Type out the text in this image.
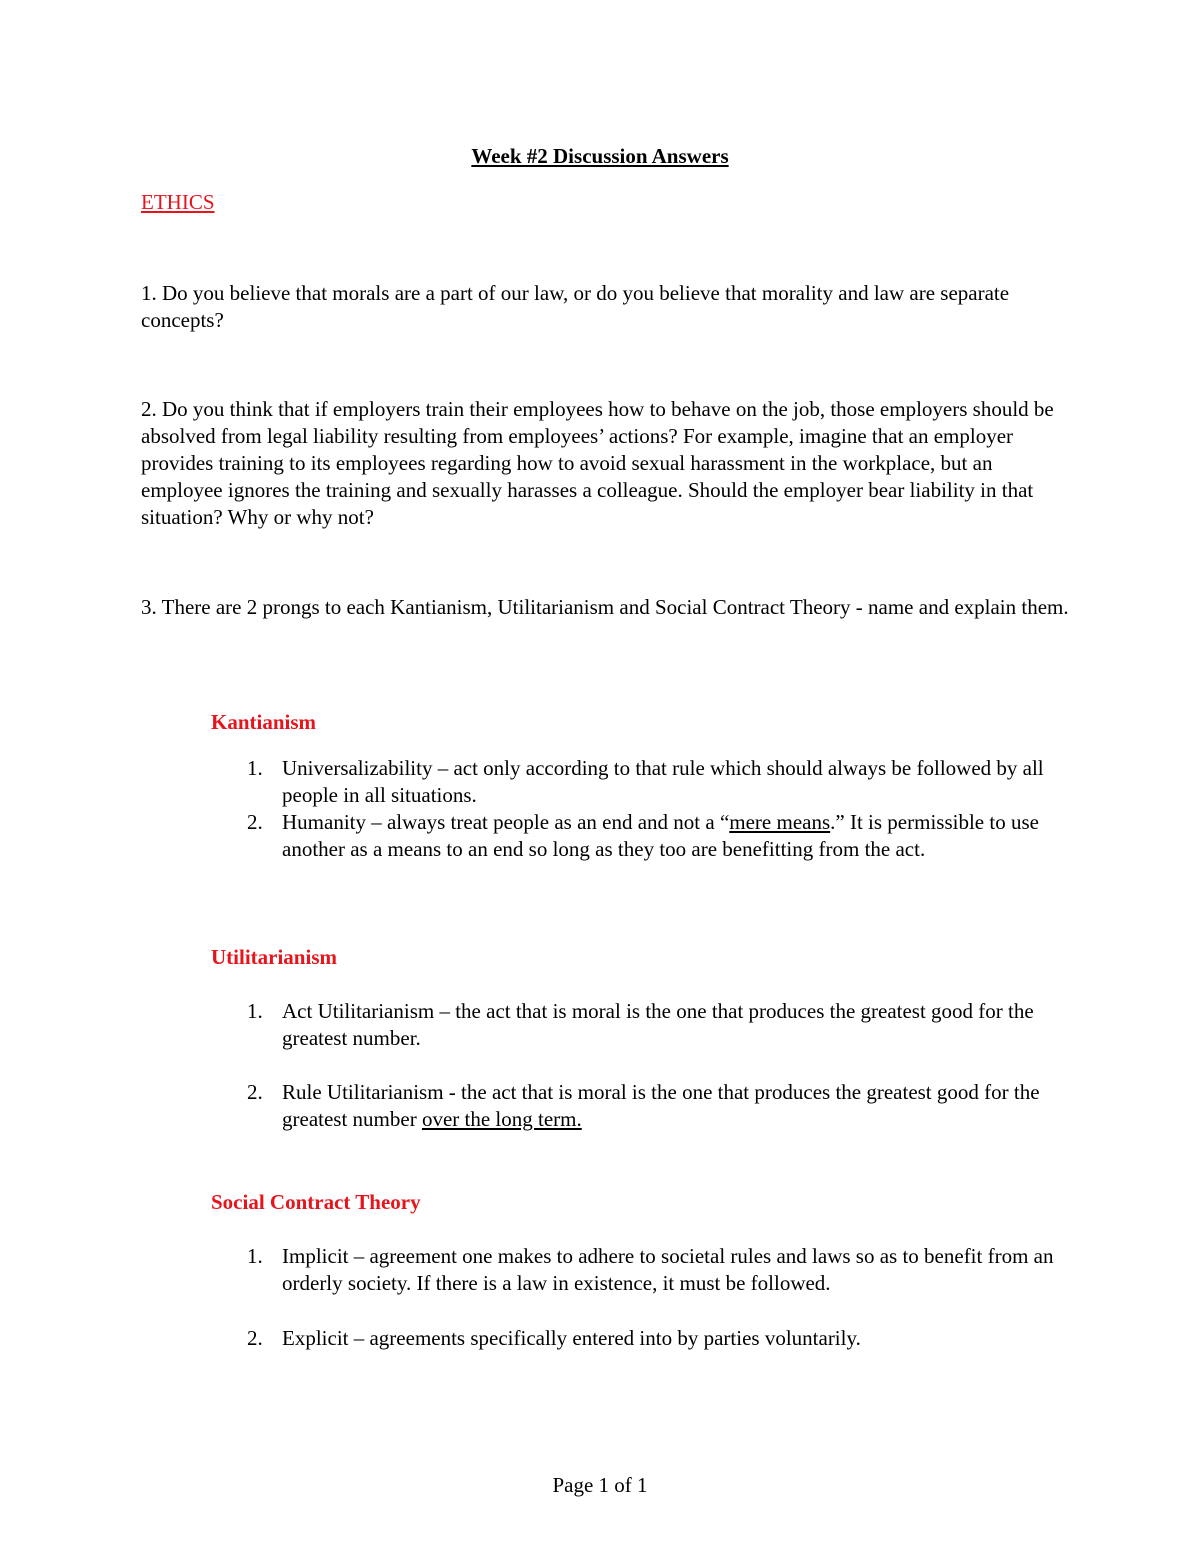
Week #2 Discussion Answers
ETHICS
1. Do you believe that morals are a part of our law, or do you believe that morality and law are separate concepts?
2. Do you think that if employers train their employees how to behave on the job, those employers should be absolved from legal liability resulting from employees’ actions? For example, imagine that an employer provides training to its employees regarding how to avoid sexual harassment in the workplace, but an employee ignores the training and sexually harasses a colleague. Should the employer bear liability in that situation? Why or why not?
3. There are 2 prongs to each Kantianism, Utilitarianism and Social Contract Theory - name and explain them.
Kantianism
1. Universalizability – act only according to that rule which should always be followed by all people in all situations.
2. Humanity – always treat people as an end and not a “mere means.” It is permissible to use another as a means to an end so long as they too are benefitting from the act.
Utilitarianism
1. Act Utilitarianism – the act that is moral is the one that produces the greatest good for the greatest number.
2. Rule Utilitarianism - the act that is moral is the one that produces the greatest good for the greatest number over the long term.
Social Contract Theory
1. Implicit – agreement one makes to adhere to societal rules and laws so as to benefit from an orderly society. If there is a law in existence, it must be followed.
2. Explicit – agreements specifically entered into by parties voluntarily.
Page 1 of 1
